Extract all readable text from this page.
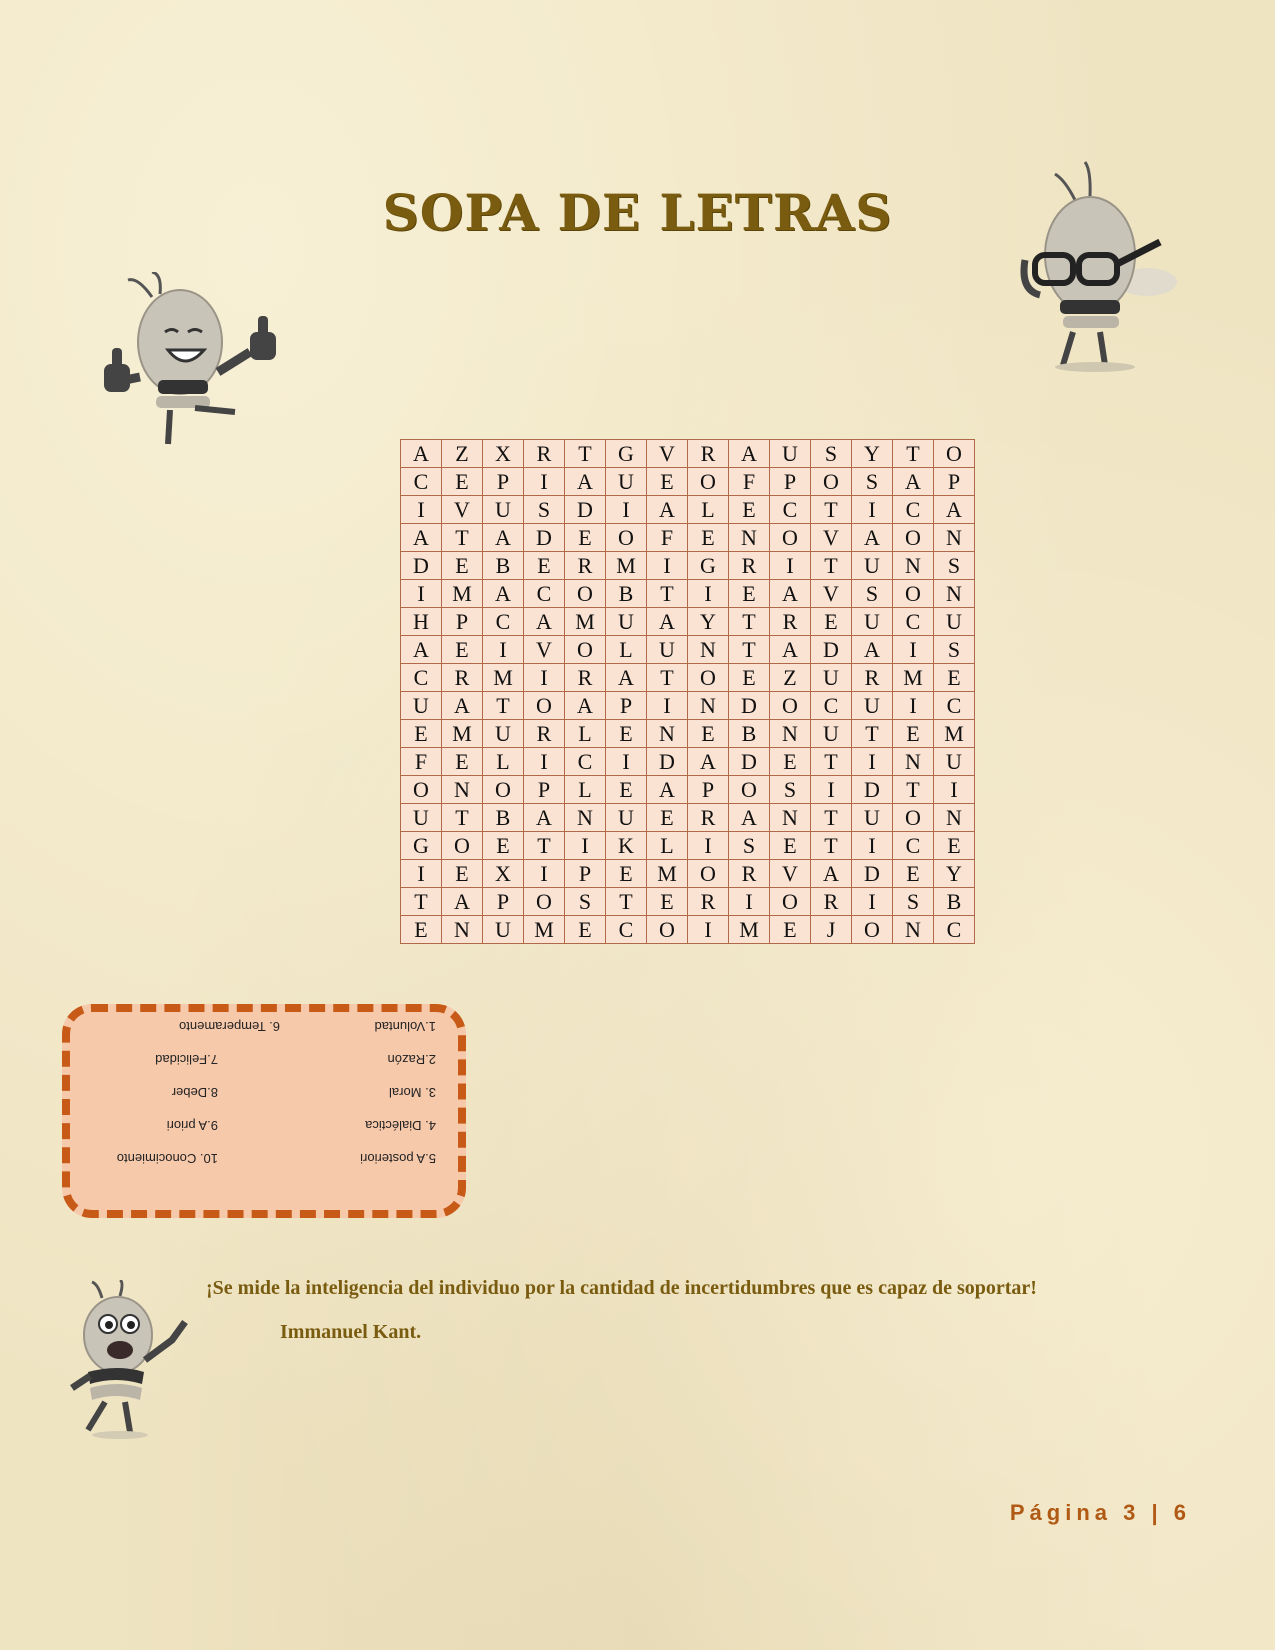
SOPA DE LETRAS
A	Z	X	R	T	G	V	R	A	U	S	Y	T	O
C	E	P	I	A	U	E	O	F	P	O	S	A	P
I	V	U	S	D	I	A	L	E	C	T	I	C	A
A	T	A	D	E	O	F	E	N	O	V	A	O	N
D	E	B	E	R	M	I	G	R	I	T	U	N	S
I	M	A	C	O	B	T	I	E	A	V	S	O	N
H	P	C	A	M	U	A	Y	T	R	E	U	C	U
A	E	I	V	O	L	U	N	T	A	D	A	I	S
C	R	M	I	R	A	T	O	E	Z	U	R	M	E
U	A	T	O	A	P	I	N	D	O	C	U	I	C
E	M	U	R	L	E	N	E	B	N	U	T	E	M
F	E	L	I	C	I	D	A	D	E	T	I	N	U
O	N	O	P	L	E	A	P	O	S	I	D	T	I
U	T	B	A	N	U	E	R	A	N	T	U	O	N
G	O	E	T	I	K	L	I	S	E	T	I	C	E
I	E	X	I	P	E	M	O	R	V	A	D	E	Y
T	A	P	O	S	T	E	R	I	O	R	I	S	B
E	N	U	M	E	C	O	I	M	E	J	O	N	C
1.Voluntad
2.Razón
3. Moral
4. Dialéctica
5.A posteriori
6. Temperamento
7.Felicidad
8.Deber
9.A priori
10. Conocimiento

¡Se mide la inteligencia del individuo por la cantidad de incertidumbres que es capaz de soportar!

Immanuel Kant.

Página 3 | 6
